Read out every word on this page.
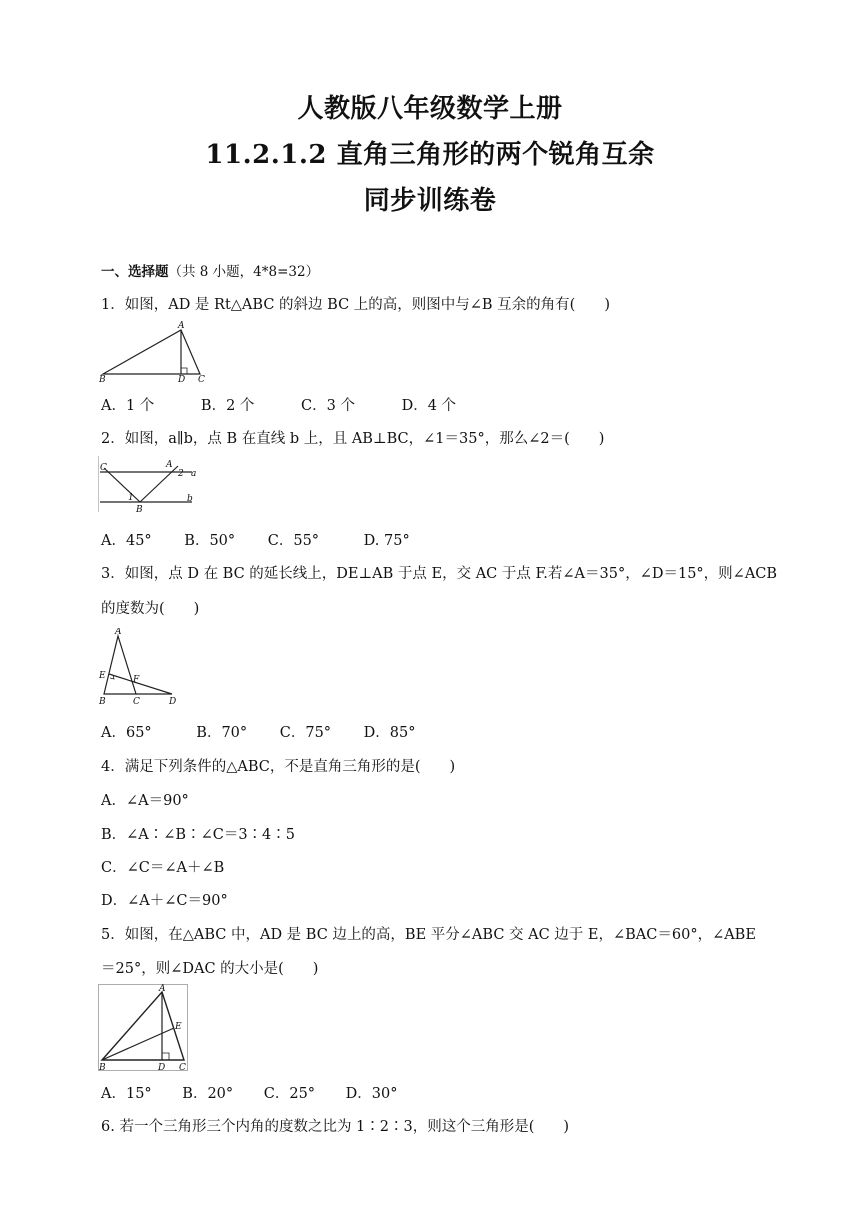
人教版八年级数学上册
11.2.1.2 直角三角形的两个锐角互余
同步训练卷
一、选择题（共 8 小题，4*8=32）
1．如图，AD 是 Rt△ABC 的斜边 BC 上的高，则图中与∠B 互余的角有(　　)
A
B	D C
A．1 个	B．2 个	C．3 个	D．4 个
2．如图，a∥b，点 B 在直线 b 上，且 AB⊥BC，∠1＝35°，那么∠2＝(　　)
C	A
2 a
1	b
B
A．45° B．50° C．55°	D. 75°
3．如图，点 D 在 BC 的延长线上，DE⊥AB 于点 E，交 AC 于点 F.若∠A＝35°，∠D＝15°，则∠ACB
的度数为(　　)
A
E	F
B	C	D
A．65°	B．70° C．75° D．85°
4．满足下列条件的△ABC，不是直角三角形的是(　　)
A．∠A＝90°
B．∠A∶∠B∶∠C＝3∶4∶5
C．∠C＝∠A＋∠B
D．∠A＋∠C＝90°
5．如图，在△ABC 中，AD 是 BC 边上的高，BE 平分∠ABC 交 AC 边于 E，∠BAC＝60°，∠ABE
＝25°，则∠DAC 的大小是(　　)
A
E
B	D C
A．15° B．20° C．25° D．30°
6. 若一个三角形三个内角的度数之比为 1∶2∶3，则这个三角形是(　　)
